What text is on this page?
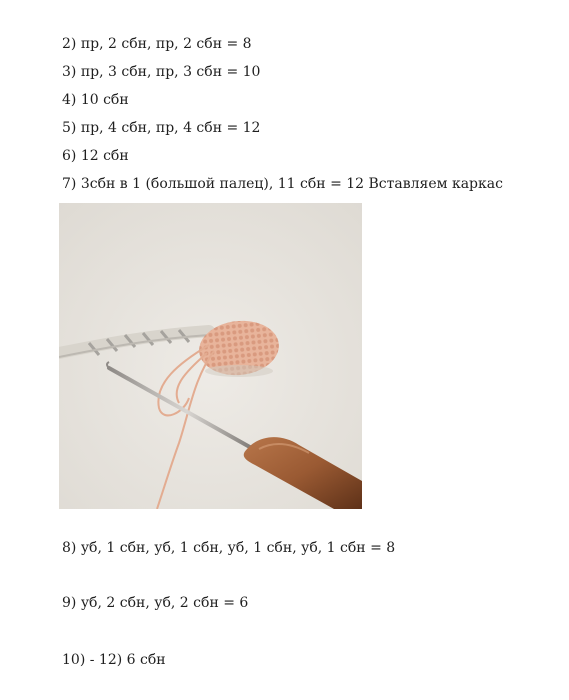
2) пр, 2 сбн, пр, 2 сбн = 8
3) пр, 3 сбн, пр, 3 сбн = 10
4) 10 сбн
5) пр, 4 сбн, пр, 4 сбн = 12
6) 12 сбн
7) 3сбн в 1 (большой палец), 11 сбн = 12 Вставляем каркас
8) уб, 1 сбн, уб, 1 сбн, уб, 1 сбн, уб, 1 сбн = 8
9) уб, 2 сбн, уб, 2 сбн = 6
10) - 12) 6 сбн
